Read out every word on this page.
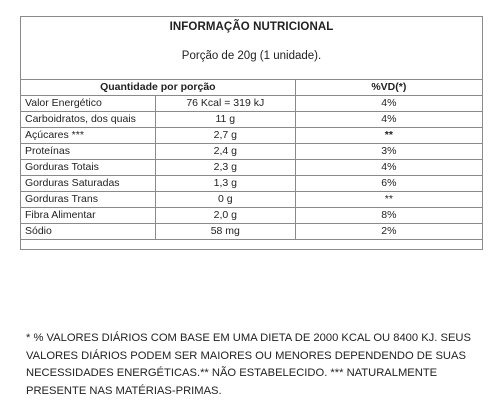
INFORMAÇÃO NUTRICIONAL
Porção de 20g (1 unidade).
Quantidade por porção		%VD(*)
Valor Energético	76 Kcal = 319 kJ	4%
Carboidratos, dos quais	11 g	4%
Açúcares ***	2,7 g	**
Proteínas	2,4 g	3%
Gorduras Totais	2,3 g	4%
Gorduras Saturadas	1,3 g	6%
Gorduras Trans	0 g	**
Fibra Alimentar	2,0 g	8%
Sódio	58 mg	2%
* % VALORES DIÁRIOS COM BASE EM UMA DIETA DE 2000 KCAL OU 8400 KJ. SEUS VALORES DIÁRIOS PODEM SER MAIORES OU MENORES DEPENDENDO DE SUAS NECESSIDADES ENERGÉTICAS.** NÃO ESTABELECIDO. *** NATURALMENTE PRESENTE NAS MATÉRIAS-PRIMAS.
